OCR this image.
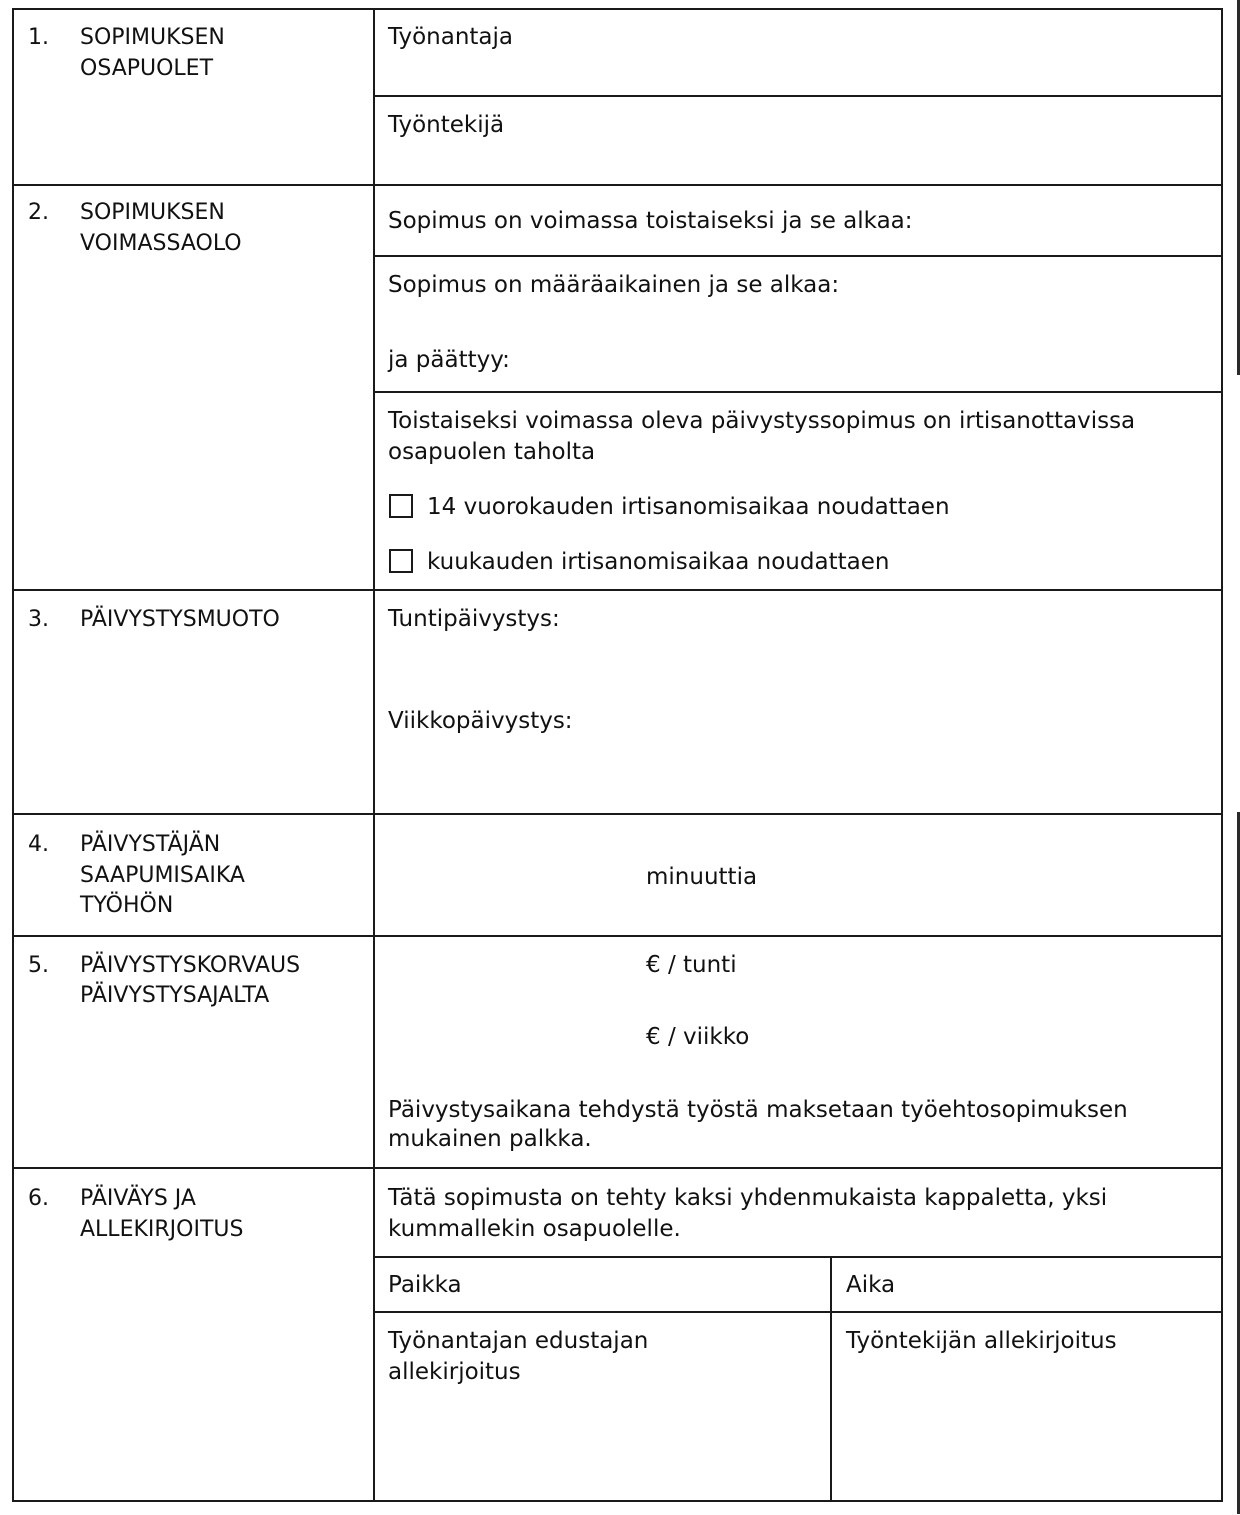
1. SOPIMUKSEN
OSAPUOLET
Työnantaja
Työntekijä
2. SOPIMUKSEN
VOIMASSAOLO
Sopimus on voimassa toistaiseksi ja se alkaa:
Sopimus on määräaikainen ja se alkaa:
ja päättyy:
Toistaiseksi voimassa oleva päivystyssopimus on irtisanottavissa
osapuolen taholta
14 vuorokauden irtisanomisaikaa noudattaen
kuukauden irtisanomisaikaa noudattaen
3. PÄIVYSTYSMUOTO	Tuntipäivystys:
Viikkopäivystys:
4. PÄIVYSTÄJÄN
SAAPUMISAIKA
TYÖHÖN
minuuttia
5. PÄIVYSTYSKORVAUS
PÄIVYSTYSAJALTA
€ / tunti
€ / viikko
Päivystysaikana tehdystä työstä maksetaan työehtosopimuksen
mukainen palkka.
6. PÄIVÄYS JA
ALLEKIRJOITUS
Tätä sopimusta on tehty kaksi yhdenmukaista kappaletta, yksi
kummallekin osapuolelle.
Paikka	Aika
Työnantajan edustajan
allekirjoitus
Työntekijän allekirjoitus
